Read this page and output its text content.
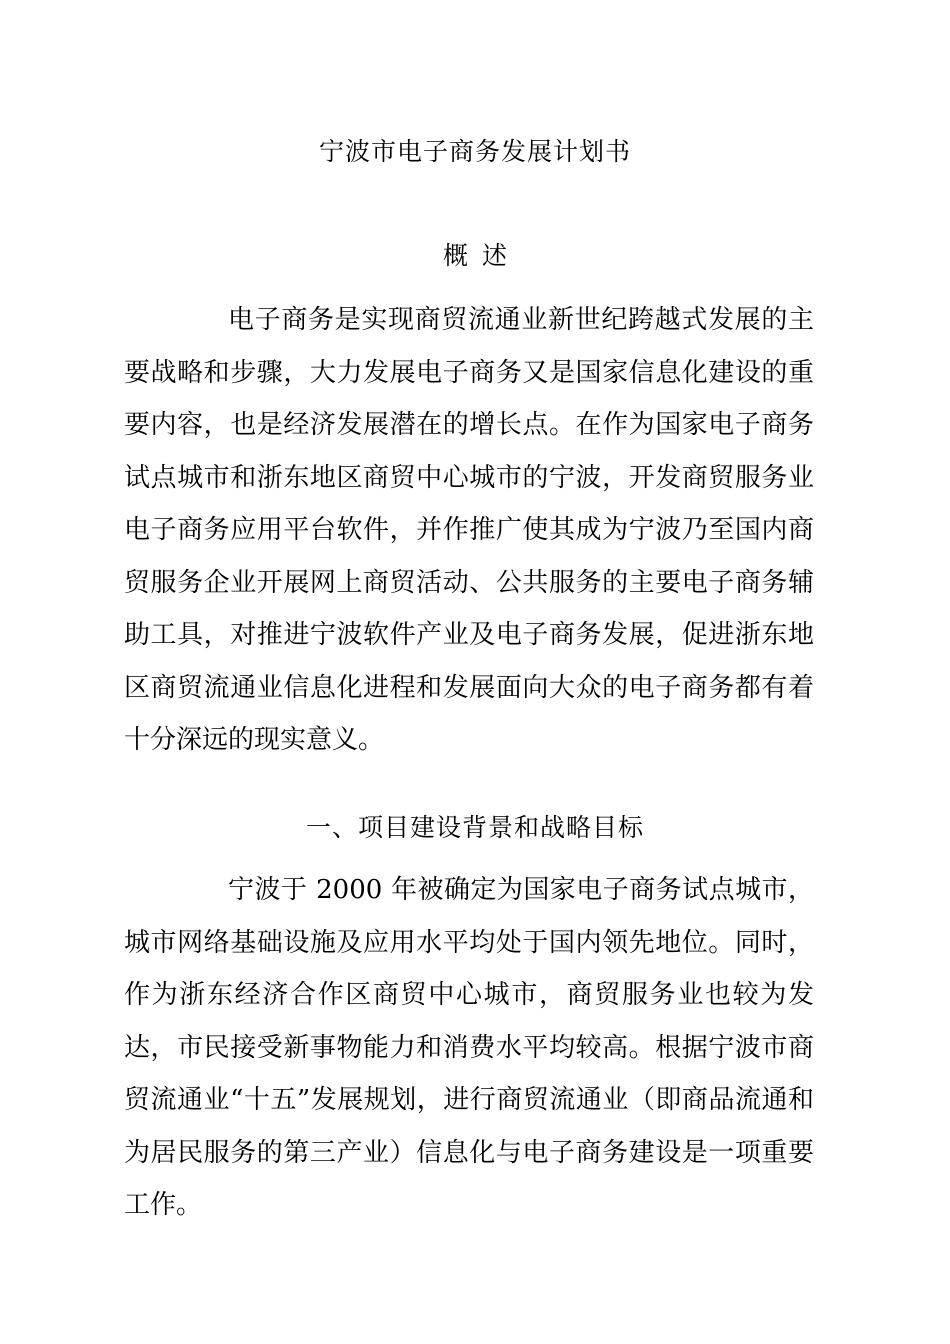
宁波市电子商务发展计划书
概述

电子商务是实现商贸流通业新世纪跨越式发展的主要战略和步骤，大力发展电子商务又是国家信息化建设的重要内容，也是经济发展潜在的增长点。在作为国家电子商务试点城市和浙东地区商贸中心城市的宁波，开发商贸服务业电子商务应用平台软件，并作推广使其成为宁波乃至国内商贸服务企业开展网上商贸活动、公共服务的主要电子商务辅助工具，对推进宁波软件产业及电子商务发展，促进浙东地区商贸流通业信息化进程和发展面向大众的电子商务都有着十分深远的现实意义。

一、项目建设背景和战略目标

宁波于 2000 年被确定为国家电子商务试点城市，城市网络基础设施及应用水平均处于国内领先地位。同时，作为浙东经济合作区商贸中心城市，商贸服务业也较为发达，市民接受新事物能力和消费水平均较高。根据宁波市商贸流通业“十五”发展规划，进行商贸流通业（即商品流通和为居民服务的第三产业）信息化与电子商务建设是一项重要工作。
